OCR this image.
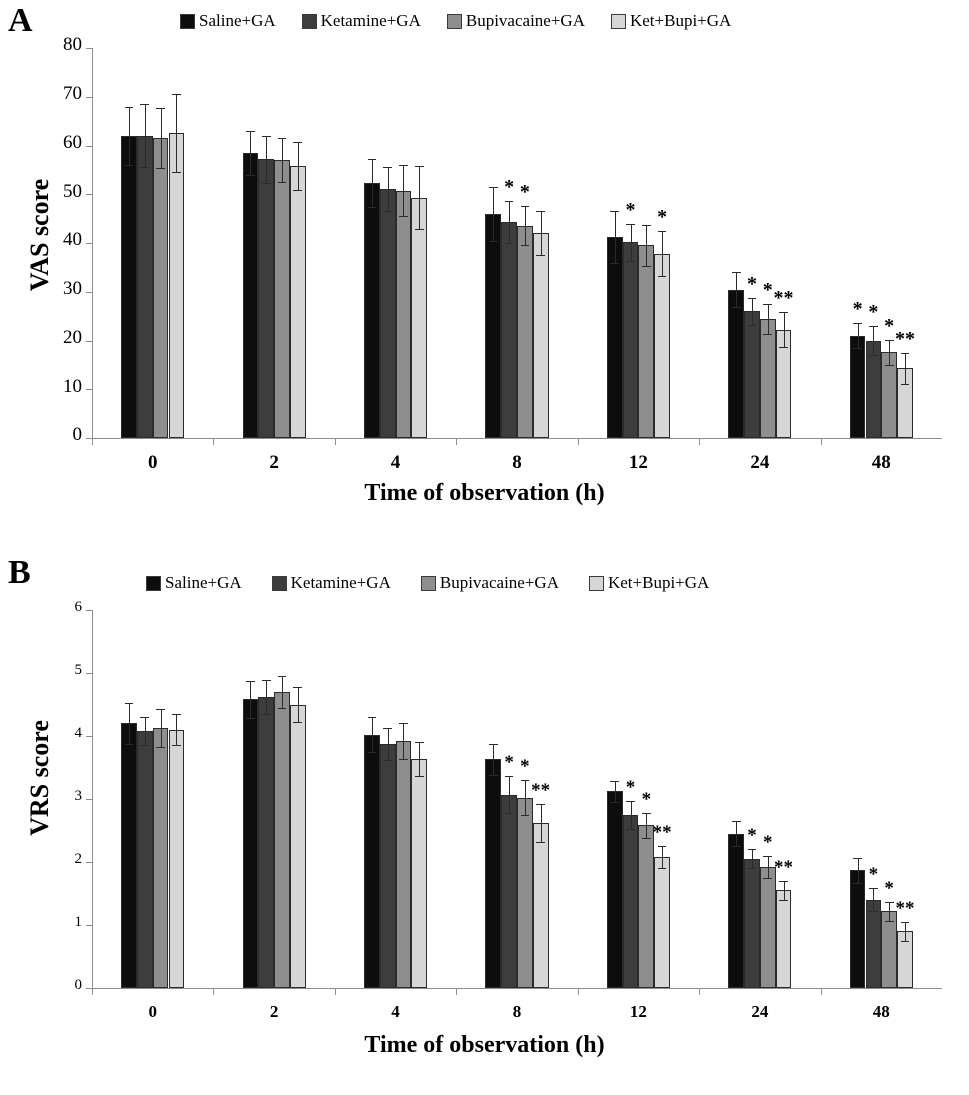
A	Saline+GA	Ketamine+GA	Bupivacaine+GA	Ket+Bupi+GA
0
10
20
30
40
50
60
70
80
0	2	4	8
* *
12
*	*
24
* * **
48
* *
*
**
Time of observation (h)
VAS score
B	Saline+GA	Ketamine+GA	Bupivacaine+GA	Ket+Bupi+GA
0
1
2
3
4
5
6
0	2	4	8
* *
**
12
*
*
**
24
* *
**
48
*
*
**
Time of observation (h)
VRS score
